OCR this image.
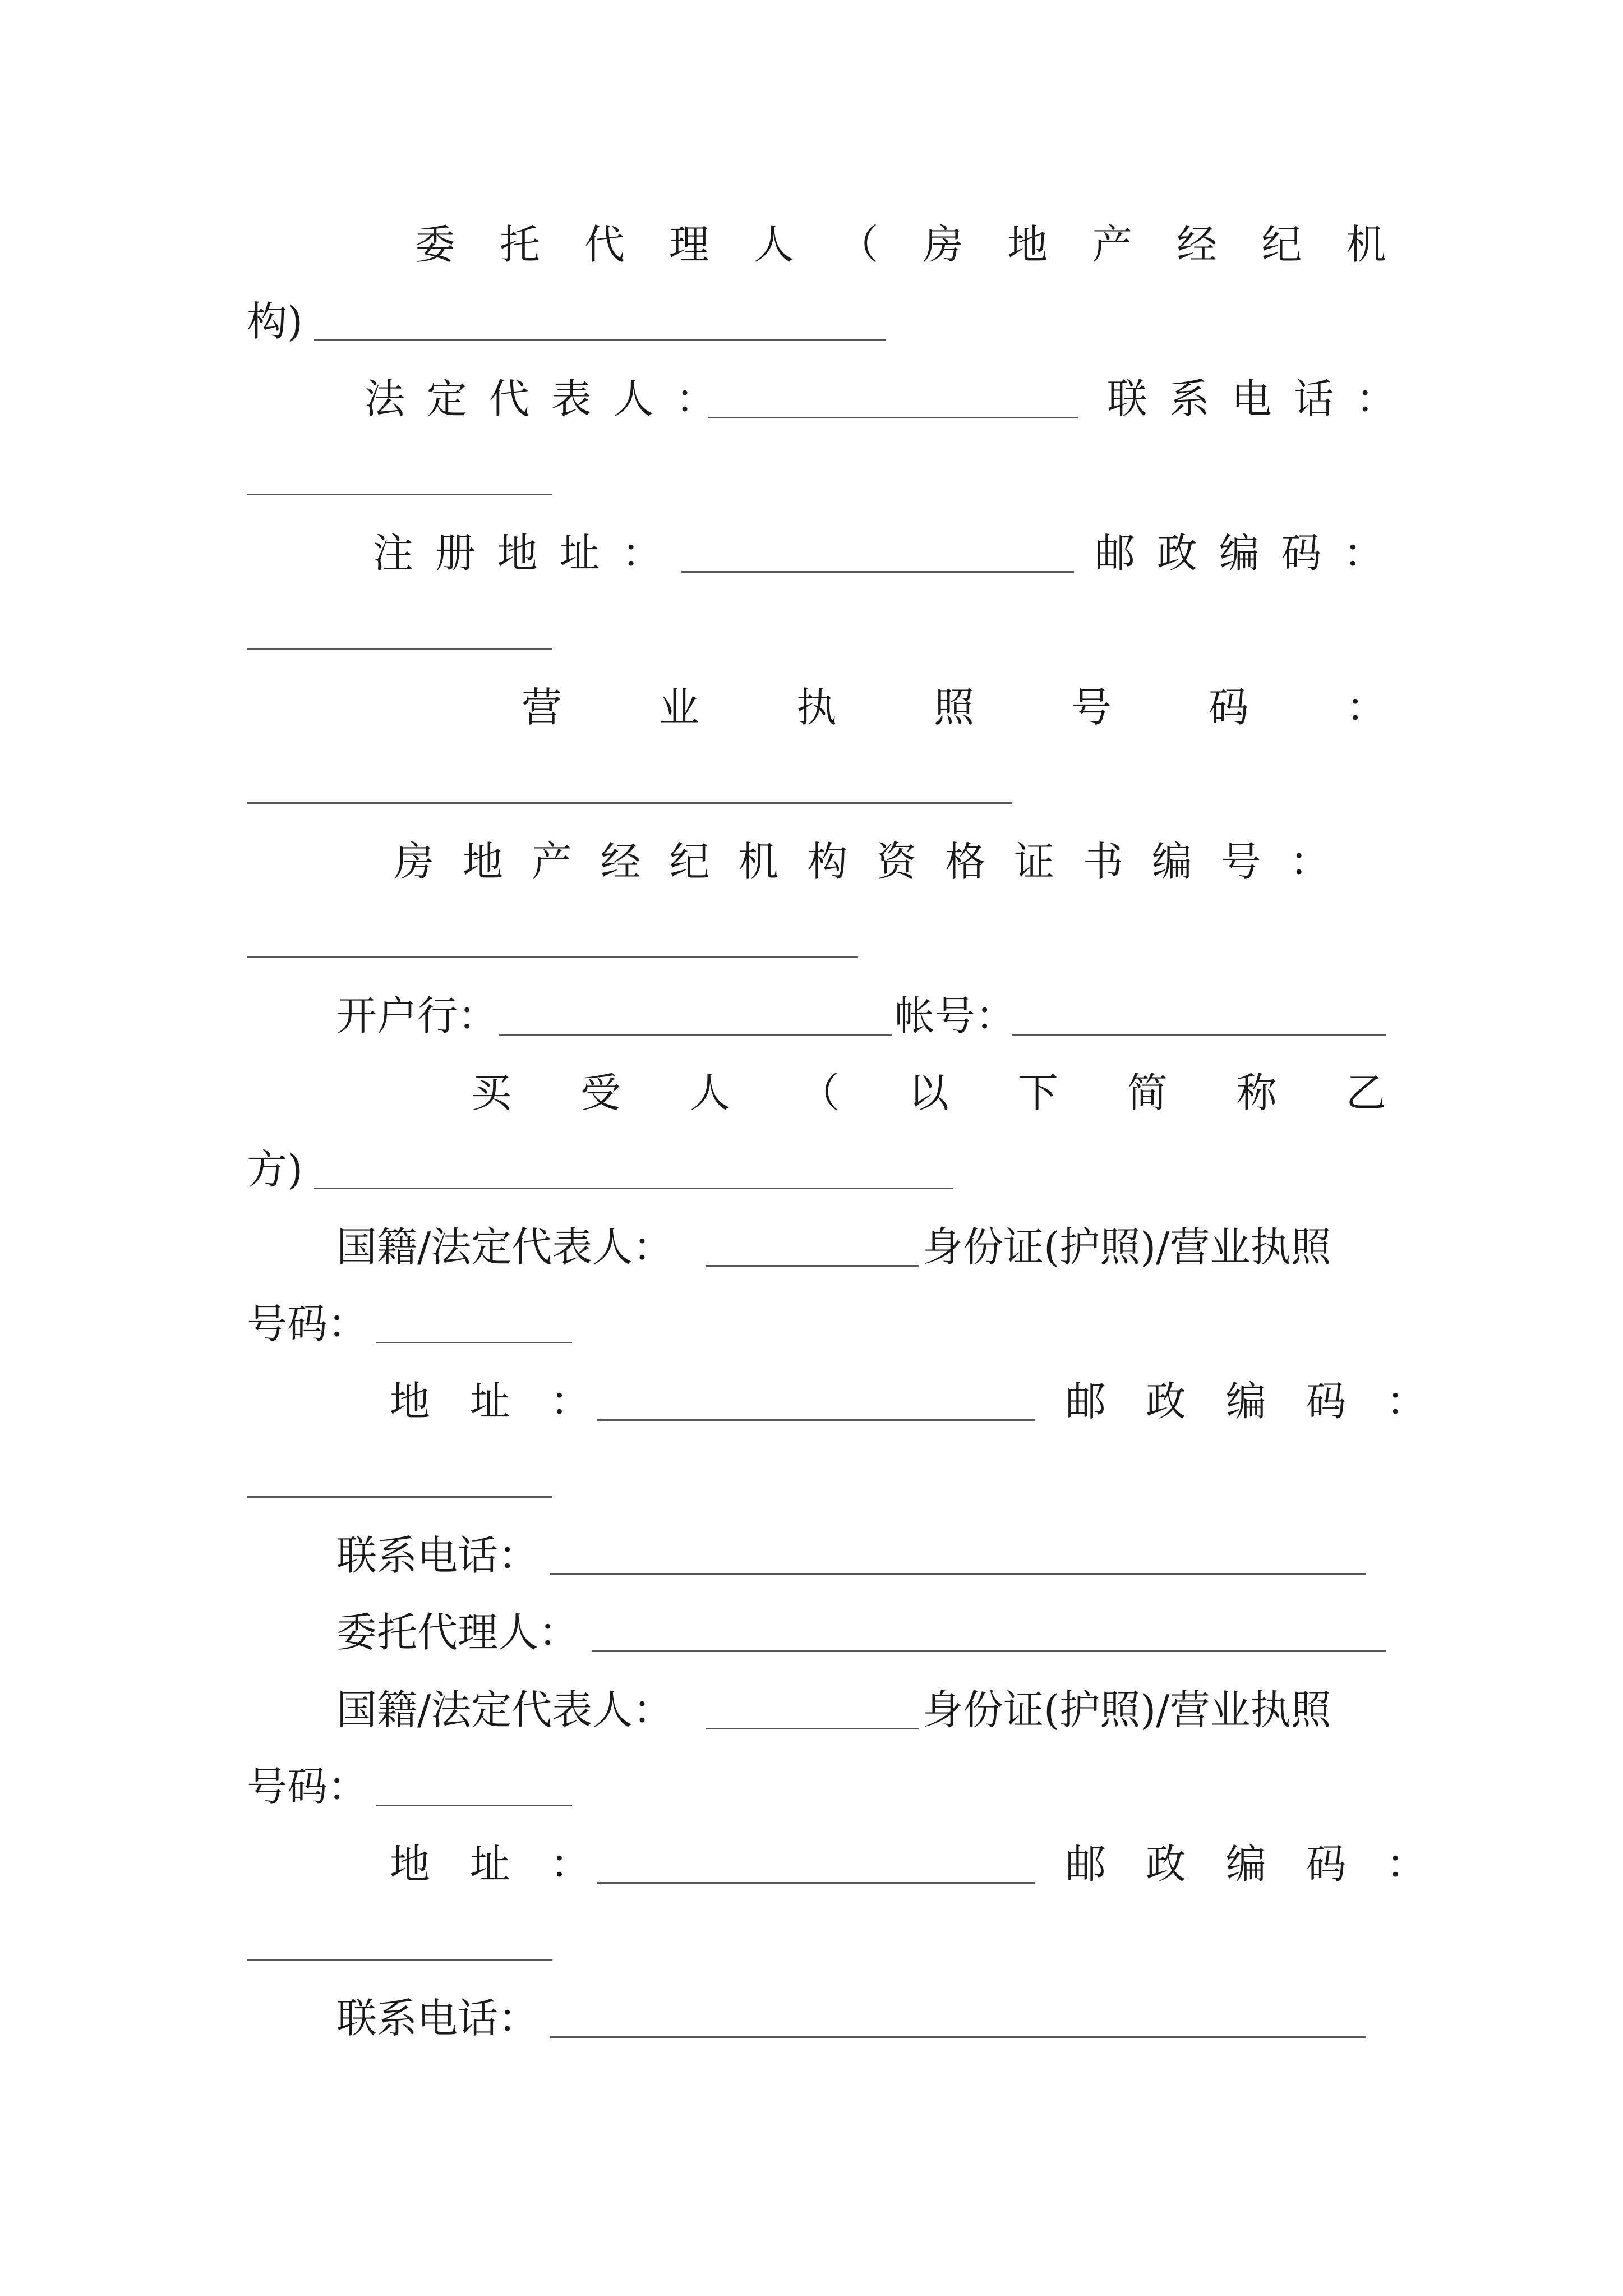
委 托 代 理 人 （ 房 地 产 经 纪 机
构)
法 定 代 表 人 ：	联 系 电 话 ：
注 册 地 址 ：	邮 政 编 码 ：
营 业 执 照 号 码 ：
房 地 产 经 纪 机 构 资 格 证 书 编 号 ：
开户行：	帐号：
买 受 人 （ 以 下 简 称 乙
方)
国籍/法定代表人：	身份证(护照)/营业执照
号码：
地 址 ：	邮 政 编 码 ：
联系电话：
委托代理人：
国籍/法定代表人：	身份证(护照)/营业执照
号码：
地 址 ：	邮 政 编 码 ：
联系电话：
